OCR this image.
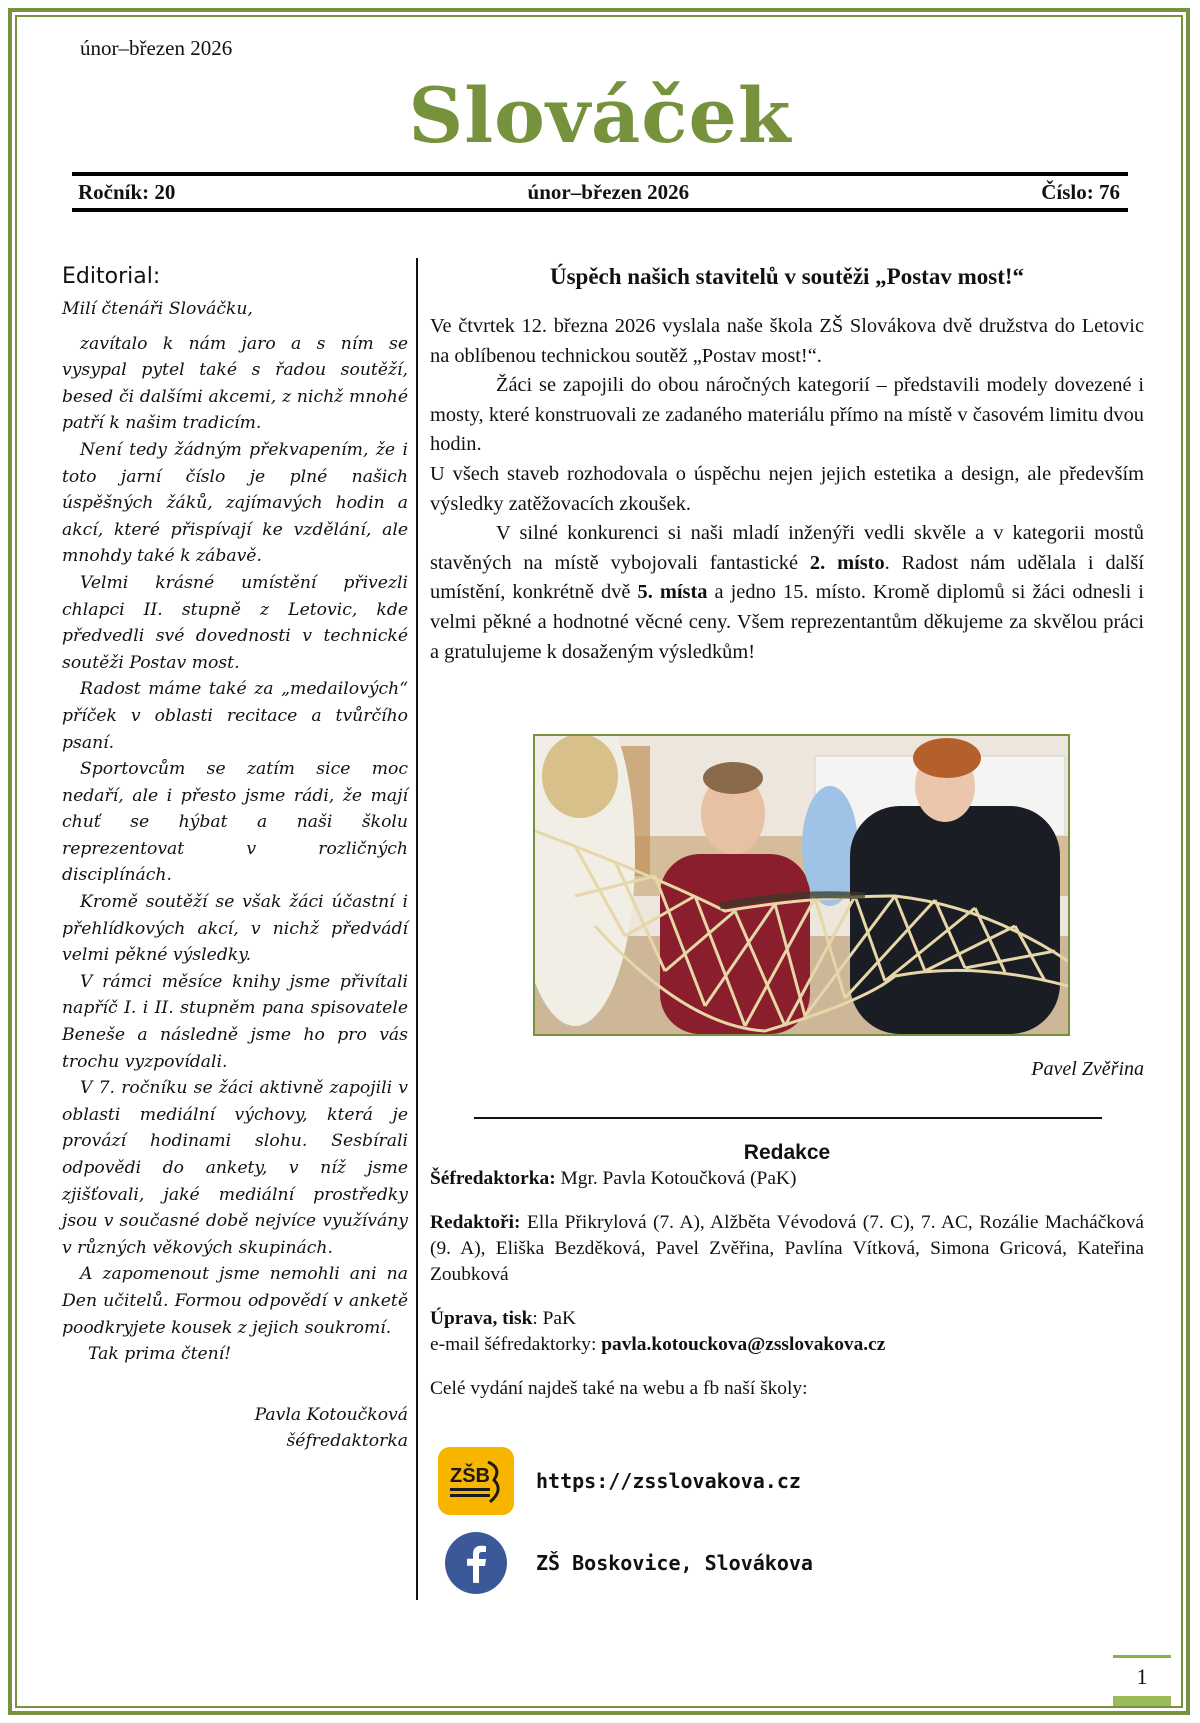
únor–březen 2026
Slováček
Ročník: 20	únor–březen 2026	Číslo: 76
Editorial:
Milí čtenáři Slováčku,

zavítalo k nám jaro a s ním se vysypal pytel také s řadou soutěží, besed či dalšími akcemi, z nichž mnohé patří k našim tradicím.

Není tedy žádným překvapením, že i toto jarní číslo je plné našich úspěšných žáků, zajímavých hodin a akcí, které přispívají ke vzdělání, ale mnohdy také k zábavě.

Velmi krásné umístění přivezli chlapci II. stupně z Letovic, kde předvedli své dovednosti v technické soutěži Postav most.

Radost máme také za „medailových“ příček v oblasti recitace a tvůrčího psaní.

Sportovcům se zatím sice moc nedaří, ale i přesto jsme rádi, že mají chuť se hýbat a naši školu reprezentovat v rozličných disciplínách.

Kromě soutěží se však žáci účastní i přehlídkových akcí, v nichž předvádí velmi pěkné výsledky.

V rámci měsíce knihy jsme přivítali napříč I. i II. stupněm pana spisovatele Beneše a následně jsme ho pro vás trochu vyzpovídali.

V 7. ročníku se žáci aktivně zapojili v oblasti mediální výchovy, která je provází hodinami slohu. Sesbírali odpovědi do ankety, v níž jsme zjišťovali, jaké mediální prostředky jsou v současné době nejvíce využívány v různých věkových skupinách.

A zapomenout jsme nemohli ani na Den učitelů. Formou odpovědí v anketě poodkryjete kousek z jejich soukromí.

Tak prima čtení!

Pavla Kotoučková
šéfredaktorka
Úspěch našich stavitelů v soutěži „Postav most!“

Ve čtvrtek 12. března 2026 vyslala naše škola ZŠ Slovákova dvě družstva do Letovic na oblíbenou technickou soutěž „Postav most!“.

Žáci se zapojili do obou náročných kategorií – představili modely dovezené i mosty, které konstruovali ze zadaného materiálu přímo na místě v časovém limitu dvou hodin.

U všech staveb rozhodovala o úspěchu nejen jejich estetika a design, ale především výsledky zatěžovacích zkoušek.

V silné konkurenci si naši mladí inženýři vedli skvěle a v kategorii mostů stavěných na místě vybojovali fantastické 2. místo. Radost nám udělala i další umístění, konkrétně dvě 5. místa a jedno 15. místo. Kromě diplomů si žáci odnesli i velmi pěkné a hodnotné věcné ceny. Všem reprezentantům děkujeme za skvělou práci a gratulujeme k dosaženým výsledkům!

Pavel Zvěřina
Redakce

Šéfredaktorka: Mgr. Pavla Kotoučková (PaK)

Redaktoři: Ella Přikrylová (7. A), Alžběta Vévodová (7. C), 7. AC, Rozálie Macháčková (9. A), Eliška Bezděková, Pavel Zvěřina, Pavlína Vítková, Simona Gricová, Kateřina Zoubková

Úprava, tisk: PaK

e-mail šéfredaktorky: pavla.kotouckova@zsslovakova.cz

Celé vydání najdeš také na webu a fb naší školy:

ZŠB https://zsslovakova.cz
ZŠ Boskovice, Slovákova
1
